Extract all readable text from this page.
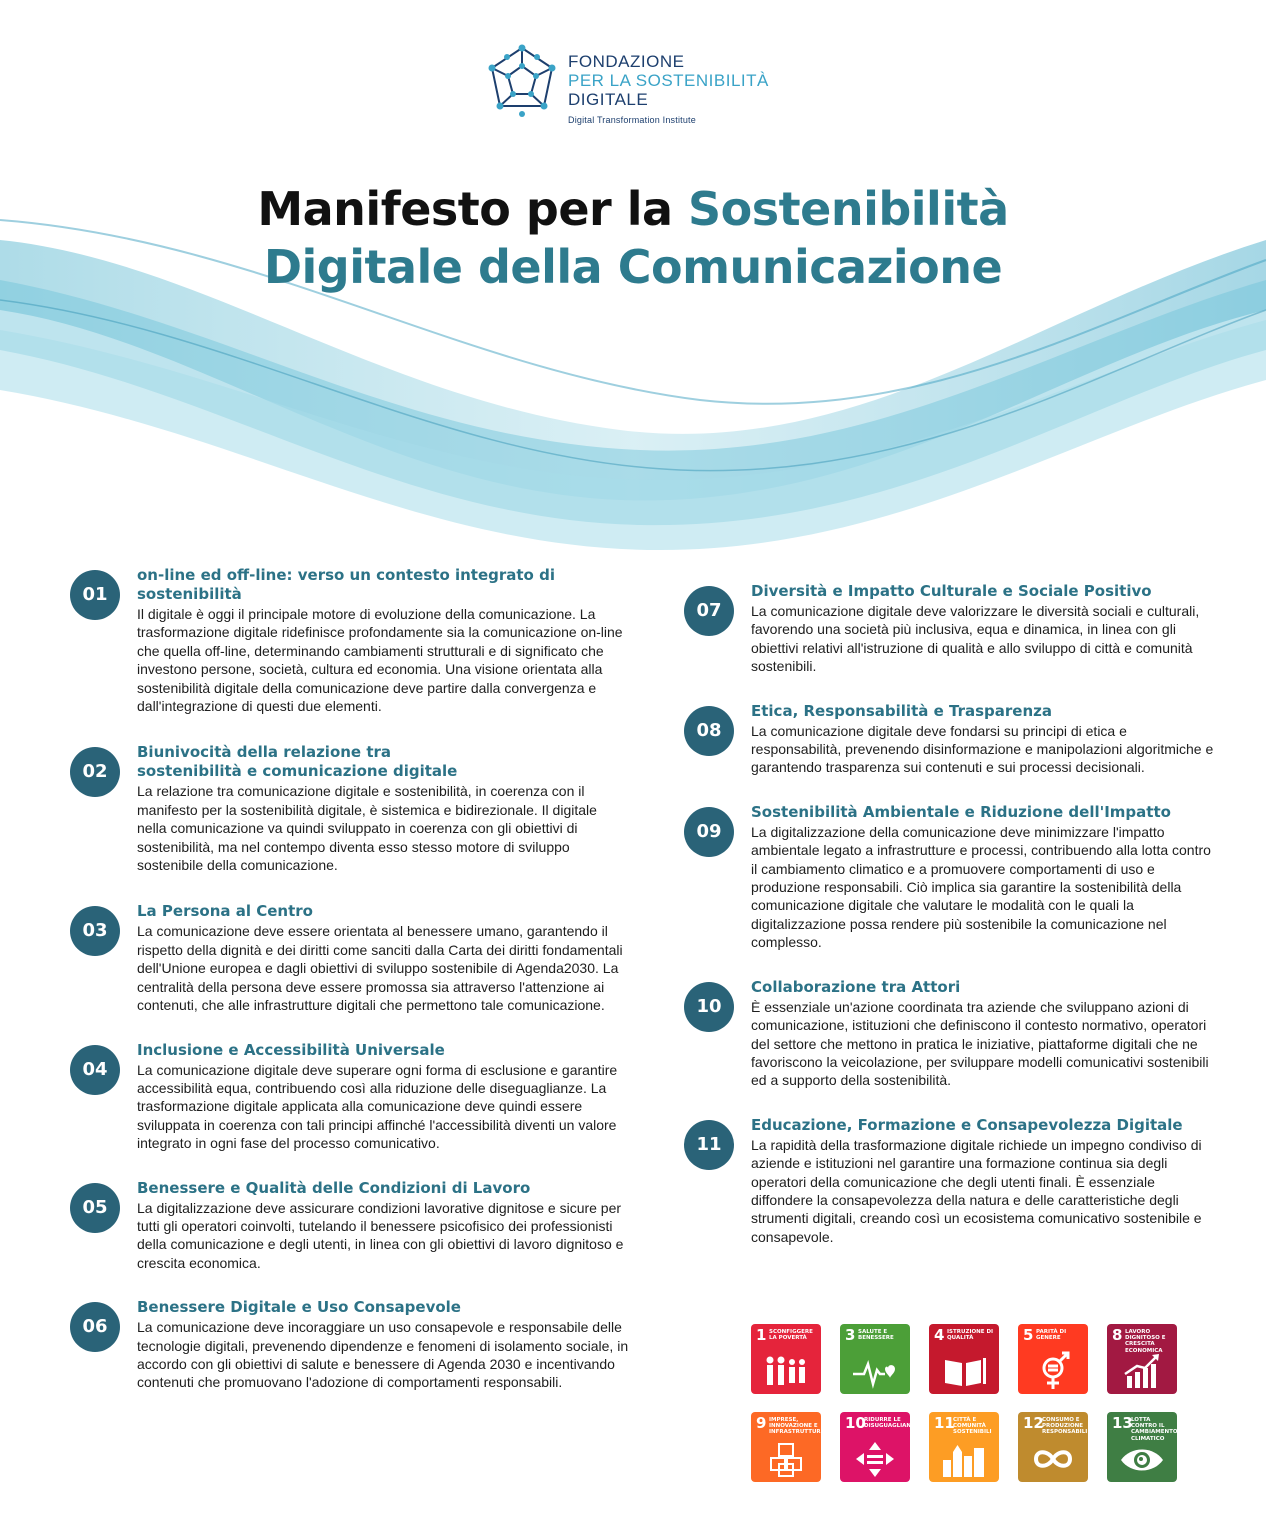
FONDAZIONE
PER LA SOSTENIBILITÀ
DIGITALE
Digital Transformation Institute
Manifesto per la Sostenibilità
Digitale della Comunicazione
01
on-line ed off-line: verso un contesto integrato di sostenibilità

Il digitale è oggi il principale motore di evoluzione della comunicazione. La trasformazione digitale ridefinisce profondamente sia la comunicazione on-line che quella off-line, determinando cambiamenti strutturali e di significato che investono persone, società, cultura ed economia. Una visione orientata alla sostenibilità digitale della comunicazione deve partire dalla convergenza e dall'integrazione di questi due elementi.

02
Biunivocità della relazione tra sostenibilità e comunicazione digitale

La relazione tra comunicazione digitale e sostenibilità, in coerenza con il manifesto per la sostenibilità digitale, è sistemica e bidirezionale. Il digitale nella comunicazione va quindi sviluppato in coerenza con gli obiettivi di sostenibilità, ma nel contempo diventa esso stesso motore di sviluppo sostenibile della comunicazione.

03
La Persona al Centro

La comunicazione deve essere orientata al benessere umano, garantendo il rispetto della dignità e dei diritti come sanciti dalla Carta dei diritti fondamentali dell'Unione europea e dagli obiettivi di sviluppo sostenibile di Agenda2030. La centralità della persona deve essere promossa sia attraverso l'attenzione ai contenuti, che alle infrastrutture digitali che permettono tale comunicazione.

04
Inclusione e Accessibilità Universale

La comunicazione digitale deve superare ogni forma di esclusione e garantire accessibilità equa, contribuendo così alla riduzione delle diseguaglianze. La trasformazione digitale applicata alla comunicazione deve quindi essere sviluppata in coerenza con tali principi affinché l'accessibilità diventi un valore integrato in ogni fase del processo comunicativo.

05
Benessere e Qualità delle Condizioni di Lavoro

La digitalizzazione deve assicurare condizioni lavorative dignitose e sicure per tutti gli operatori coinvolti, tutelando il benessere psicofisico dei professionisti della comunicazione e degli utenti, in linea con gli obiettivi di lavoro dignitoso e crescita economica.

06
Benessere Digitale e Uso Consapevole

La comunicazione deve incoraggiare un uso consapevole e responsabile delle tecnologie digitali, prevenendo dipendenze e fenomeni di isolamento sociale, in accordo con gli obiettivi di salute e benessere di Agenda 2030 e incentivando contenuti che promuovano l'adozione di comportamenti responsabili.

07
Diversità e Impatto Culturale e Sociale Positivo

La comunicazione digitale deve valorizzare le diversità sociali e culturali, favorendo una società più inclusiva, equa e dinamica, in linea con gli obiettivi relativi all'istruzione di qualità e allo sviluppo di città e comunità sostenibili.

08
Etica, Responsabilità e Trasparenza

La comunicazione digitale deve fondarsi su principi di etica e responsabilità, prevenendo disinformazione e manipolazioni algoritmiche e garantendo trasparenza sui contenuti e sui processi decisionali.

09
Sostenibilità Ambientale e Riduzione dell'Impatto

La digitalizzazione della comunicazione deve minimizzare l'impatto ambientale legato a infrastrutture e processi, contribuendo alla lotta contro il cambiamento climatico e a promuovere comportamenti di uso e produzione responsabili. Ciò implica sia garantire la sostenibilità della comunicazione digitale che valutare le modalità con le quali la digitalizzazione possa rendere più sostenibile la comunicazione nel complesso.

10
Collaborazione tra Attori

È essenziale un'azione coordinata tra aziende che sviluppano azioni di comunicazione, istituzioni che definiscono il contesto normativo, operatori del settore che mettono in pratica le iniziative, piattaforme digitali che ne favoriscono la veicolazione, per sviluppare modelli comunicativi sostenibili ed a supporto della sostenibilità.

11
Educazione, Formazione e Consapevolezza Digitale

La rapidità della trasformazione digitale richiede un impegno condiviso di aziende e istituzioni nel garantire una formazione continua sia degli operatori della comunicazione che degli utenti finali. È essenziale diffondere la consapevolezza della natura e delle caratteristiche degli strumenti digitali, creando così un ecosistema comunicativo sostenibile e consapevole.

1 SCONFIGGERE LA POVERTÀ	3 SALUTE E BENESSERE	4 ISTRUZIONE DI QUALITÀ	5 PARITÀ DI GENERE	8 LAVORO DIGNITOSO E CRESCITA ECONOMICA
9 IMPRESE, INNOVAZIONE E INFRASTRUTTURE
10
RIDURRE LE DISUGUAGLIANZE 11
CITTÀ E COMUNITÀ SOSTENIBILI
12
CONSUMO E PRODUZIONE RESPONSABILI
13
LOTTA CONTRO IL CAMBIAMENTO CLIMATICO
